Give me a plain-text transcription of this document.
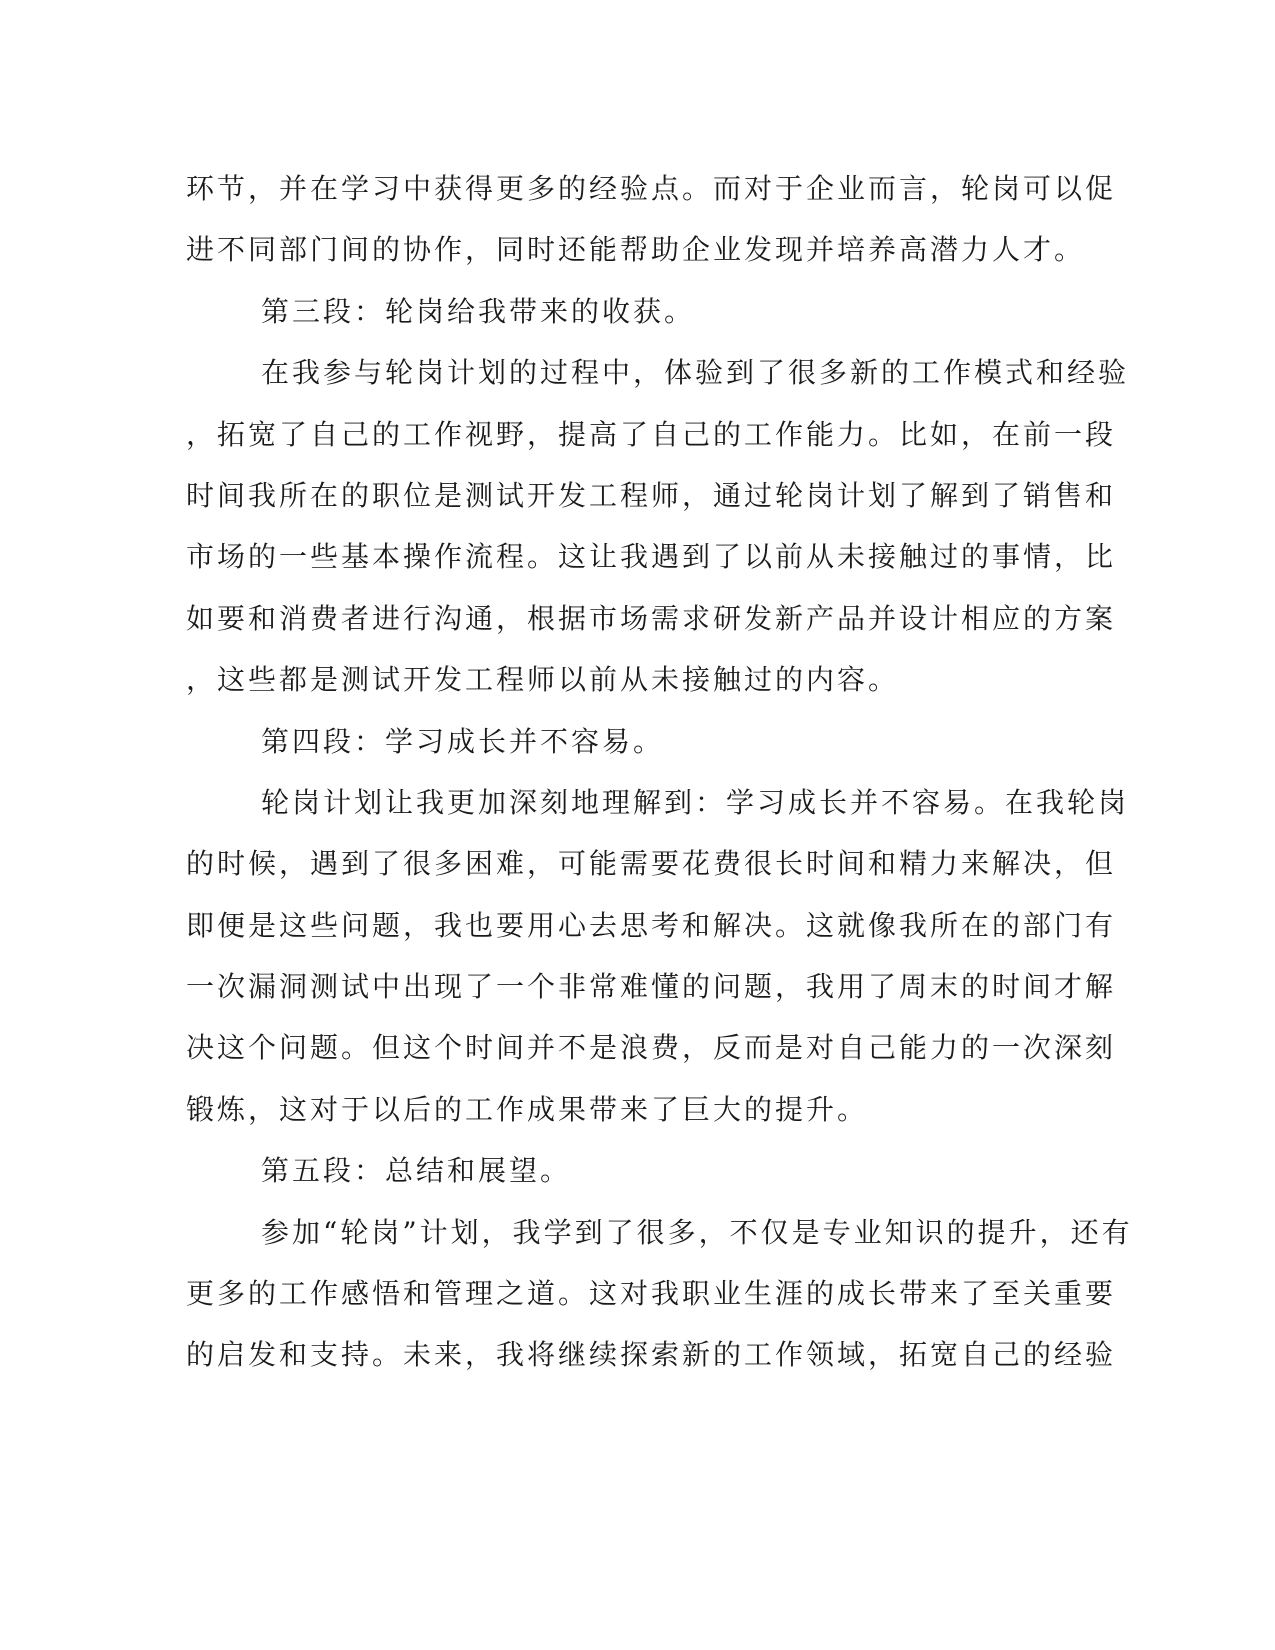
环节，并在学习中获得更多的经验点。而对于企业而言，轮岗可以促
进不同部门间的协作，同时还能帮助企业发现并培养高潜力人才。
第三段：轮岗给我带来的收获。
在我参与轮岗计划的过程中，体验到了很多新的工作模式和经验
，拓宽了自己的工作视野，提高了自己的工作能力。比如，在前一段
时间我所在的职位是测试开发工程师，通过轮岗计划了解到了销售和
市场的一些基本操作流程。这让我遇到了以前从未接触过的事情，比
如要和消费者进行沟通，根据市场需求研发新产品并设计相应的方案
，这些都是测试开发工程师以前从未接触过的内容。
第四段：学习成长并不容易。
轮岗计划让我更加深刻地理解到：学习成长并不容易。在我轮岗
的时候，遇到了很多困难，可能需要花费很长时间和精力来解决，但
即便是这些问题，我也要用心去思考和解决。这就像我所在的部门有
一次漏洞测试中出现了一个非常难懂的问题，我用了周末的时间才解
决这个问题。但这个时间并不是浪费，反而是对自己能力的一次深刻
锻炼，这对于以后的工作成果带来了巨大的提升。
第五段：总结和展望。
参加“轮岗”计划，我学到了很多，不仅是专业知识的提升，还有
更多的工作感悟和管理之道。这对我职业生涯的成长带来了至关重要
的启发和支持。未来，我将继续探索新的工作领域，拓宽自己的经验
